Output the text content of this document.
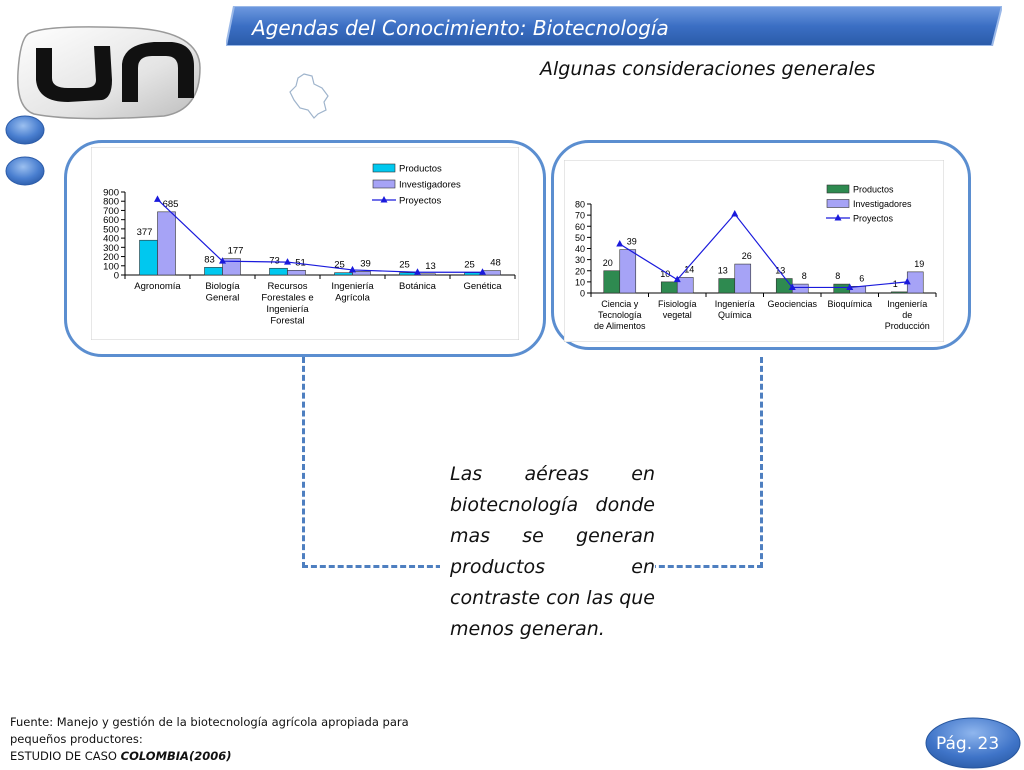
Agendas del Conocimiento: Biotecnología
Algunas consideraciones generales
0
100
200
300
400
500
600
700
800
900
377
685
Agronomía
83
177
Biología General
73 51
Recursos Forestales e Ingeniería Forestal
25 39
Ingeniería Agrícola
25 13
Botánica
25 48
Genética
Productos
Investigadores
Proyectos
0
10
20
30
40
50
60
70
80
20
39
Ciencia y Tecnología de Alimentos
10 14
Fisiología vegetal
13
26
Ingeniería Química
13
8
Geociencias
8 6
Bioquímica
1
19
Ingeniería de Producción
Productos
Investigadores
Proyectos
Las aéreas en biotecnología donde mas se generan productos en contraste con las que menos generan.
Fuente: Manejo y gestión de la biotecnología agrícola apropiada para pequeños productores:
ESTUDIO DE CASO COLOMBIA(2006)
Pág. 23
